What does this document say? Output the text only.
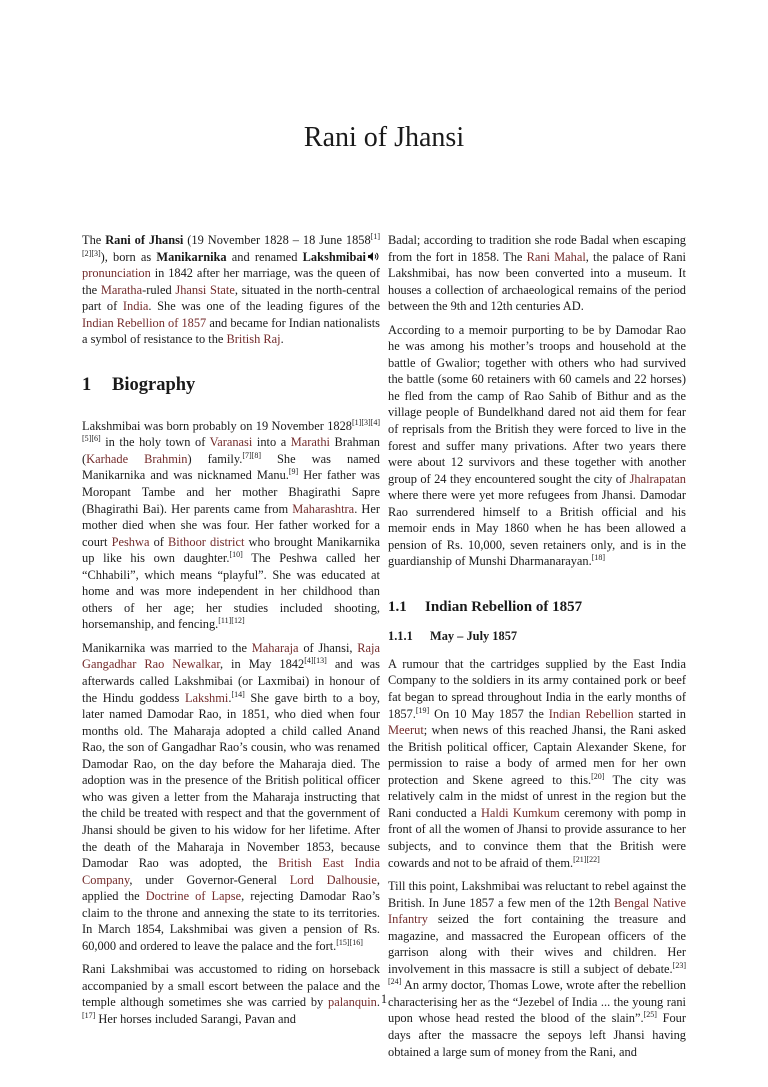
Rani of Jhansi

The Rani of Jhansi (19 November 1828 – 18 June 1858[1][2][3]), born as Manikarnika and renamed Lakshmibaipronunciation in 1842 after her marriage, was the queen of the Maratha-ruled Jhansi State, situated in the north-central part of India. She was one of the leading figures of the Indian Rebellion of 1857 and became for Indian nationalists a symbol of resistance to the British Raj.

1 Biography

Lakshmibai was born probably on 19 November 1828[1][3][4][5][6] in the holy town of Varanasi into a Marathi Brahman (Karhade Brahmin) family.[7][8] She was named Manikarnika and was nicknamed Manu.[9] Her father was Moropant Tambe and her mother Bhagirathi Sapre (Bhagirathi Bai). Her parents came from Maharashtra. Her mother died when she was four. Her father worked for a court Peshwa of Bithoor district who brought Manikarnika up like his own daughter.[10] The Peshwa called her “Chhabili”, which means “playful”. She was educated at home and was more independent in her childhood than others of her age; her studies included shooting, horsemanship, and fencing.[11][12]

Manikarnika was married to the Maharaja of Jhansi, Raja Gangadhar Rao Newalkar, in May 1842[4][13] and was afterwards called Lakshmibai (or Laxmibai) in honour of the Hindu goddess Lakshmi.[14] She gave birth to a boy, later named Damodar Rao, in 1851, who died when four months old. The Maharaja adopted a child called Anand Rao, the son of Gangadhar Rao’s cousin, who was renamed Damodar Rao, on the day before the Maharaja died. The adoption was in the presence of the British political officer who was given a letter from the Maharaja instructing that the child be treated with respect and that the government of Jhansi should be given to his widow for her lifetime. After the death of the Maharaja in November 1853, because Damodar Rao was adopted, the British East India Company, under Governor-General Lord Dalhousie, applied the Doctrine of Lapse, rejecting Damodar Rao’s claim to the throne and annexing the state to its territories. In March 1854, Lakshmibai was given a pension of Rs. 60,000 and ordered to leave the palace and the fort.[15][16]

Rani Lakshmibai was accustomed to riding on horseback accompanied by a small escort between the palace and the temple although sometimes she was carried by palanquin.[17] Her horses included Sarangi, Pavan and

Badal; according to tradition she rode Badal when escaping from the fort in 1858. The Rani Mahal, the palace of Rani Lakshmibai, has now been converted into a museum. It houses a collection of archaeological remains of the period between the 9th and 12th centuries AD.

According to a memoir purporting to be by Damodar Rao he was among his mother’s troops and household at the battle of Gwalior; together with others who had survived the battle (some 60 retainers with 60 camels and 22 horses) he fled from the camp of Rao Sahib of Bithur and as the village people of Bundelkhand dared not aid them for fear of reprisals from the British they were forced to live in the forest and suffer many privations. After two years there were about 12 survivors and these together with another group of 24 they encountered sought the city of Jhalrapatan where there were yet more refugees from Jhansi. Damodar Rao surrendered himself to a British official and his memoir ends in May 1860 when he has been allowed a pension of Rs. 10,000, seven retainers only, and is in the guardianship of Munshi Dharmanarayan.[18]

1.1 Indian Rebellion of 1857
1.1.1 May – July 1857

A rumour that the cartridges supplied by the East India Company to the soldiers in its army contained pork or beef fat began to spread throughout India in the early months of 1857.[19] On 10 May 1857 the Indian Rebellion started in Meerut; when news of this reached Jhansi, the Rani asked the British political officer, Captain Alexander Skene, for permission to raise a body of armed men for her own protection and Skene agreed to this.[20] The city was relatively calm in the midst of unrest in the region but the Rani conducted a Haldi Kumkum ceremony with pomp in front of all the women of Jhansi to provide assurance to her subjects, and to convince them that the British were cowards and not to be afraid of them.[21][22]

Till this point, Lakshmibai was reluctant to rebel against the British. In June 1857 a few men of the 12th Bengal Native Infantry seized the fort containing the treasure and magazine, and massacred the European officers of the garrison along with their wives and children. Her involvement in this massacre is still a subject of debate.[23][24] An army doctor, Thomas Lowe, wrote after the rebellion characterising her as the “Jezebel of India ... the young rani upon whose head rested the blood of the slain”.[25] Four days after the massacre the sepoys left Jhansi having obtained a large sum of money from the Rani, and

1
